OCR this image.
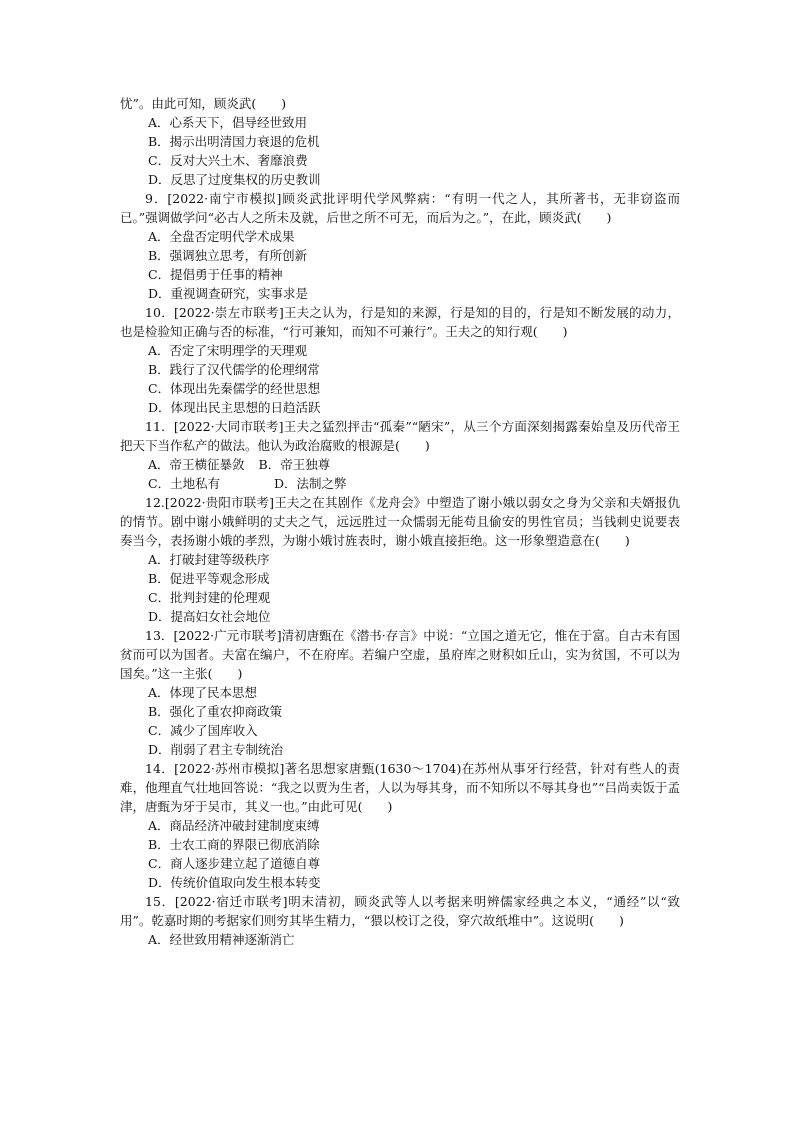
忧”。由此可知，顾炎武(　　)
A．心系天下，倡导经世致用
B．揭示出明清国力衰退的危机
C．反对大兴土木、奢靡浪费
D．反思了过度集权的历史教训
9．[2022·南宁市模拟]顾炎武批评明代学风弊病：“有明一代之人，其所著书，无非窃盗而已。”强调做学问“必古人之所未及就，后世之所不可无，而后为之。”，在此，顾炎武(　　)
A．全盘否定明代学术成果
B．强调独立思考，有所创新
C．提倡勇于任事的精神
D．重视调查研究，实事求是
10．[2022·崇左市联考]王夫之认为，行是知的来源，行是知的目的，行是知不断发展的动力，也是检验知正确与否的标准，“行可兼知，而知不可兼行”。王夫之的知行观(　　)
A．否定了宋明理学的天理观
B．践行了汉代儒学的伦理纲常
C．体现出先秦儒学的经世思想
D．体现出民主思想的日趋活跃
11．[2022·大同市联考]王夫之猛烈抨击“孤秦”“陋宋”，从三个方面深刻揭露秦始皇及历代帝王把天下当作私产的做法。他认为政治腐败的根源是(　　)
A．帝王横征暴敛 B．帝王独尊
C．土地私有	D．法制之弊
12.[2022·贵阳市联考]王夫之在其剧作《龙舟会》中塑造了谢小娥以弱女之身为父亲和夫婿报仇的情节。剧中谢小娥鲜明的丈夫之气，远远胜过一众懦弱无能苟且偷安的男性官员；当钱刺史说要表奏当今，表扬谢小娥的孝烈，为谢小娥讨旌表时，谢小娥直接拒绝。这一形象塑造意在(　　)
A．打破封建等级秩序
B．促进平等观念形成
C．批判封建的伦理观
D．提高妇女社会地位
13．[2022·广元市联考]清初唐甄在《潜书·存言》中说：“立国之道无它，惟在于富。自古未有国贫而可以为国者。夫富在编户，不在府库。若编户空虚，虽府库之财积如丘山，实为贫国，不可以为国矣。”这一主张(　　)
A．体现了民本思想
B．强化了重农抑商政策
C．减少了国库收入
D．削弱了君主专制统治
14．[2022·苏州市模拟]著名思想家唐甄(1630～1704)在苏州从事牙行经营，针对有些人的责难，他理直气壮地回答说：“我之以贾为生者，人以为辱其身，而不知所以不辱其身也”“吕尚卖饭于孟津，唐甄为牙于吴市，其义一也。”由此可见(　　)
A．商品经济冲破封建制度束缚
B．士农工商的界限已彻底消除
C．商人逐步建立起了道德自尊
D．传统价值取向发生根本转变
15．[2022·宿迁市联考]明末清初，顾炎武等人以考据来明辨儒家经典之本义，“通经”以“致用”。乾嘉时期的考据家们则穷其毕生精力，“猥以校订之役，穿穴故纸堆中”。这说明(　　)
A．经世致用精神逐渐消亡
